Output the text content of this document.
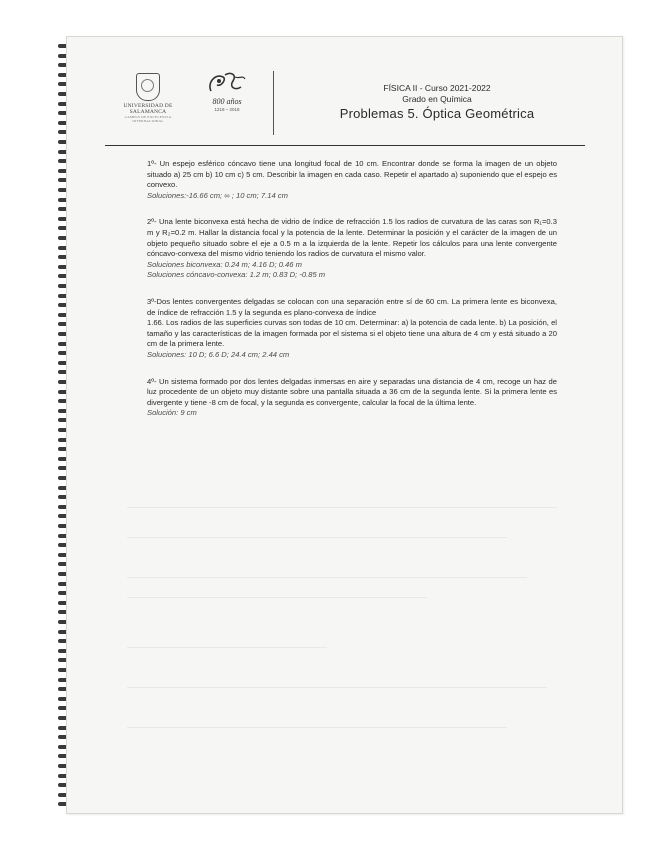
UNIVERSIDAD DE SALAMANCA
CAMPUS DE EXCELENCIA INTERNACIONAL
800 años
1218 – 2018
FÍSICA II - Curso 2021-2022
Grado en Química
Problemas 5. Óptica Geométrica

1º- Un espejo esférico cóncavo tiene una longitud focal de 10 cm. Encontrar donde se forma la imagen de un objeto situado a) 25 cm b) 10 cm c) 5 cm. Describir la imagen en cada caso. Repetir el apartado a) suponiendo que el espejo es convexo.

Soluciones:-16.66 cm; ∞ ; 10 cm; 7.14 cm

2º- Una lente biconvexa está hecha de vidrio de índice de refracción 1.5 los radios de curvatura de las caras son R₁=0.3 m y R₂=0.2 m. Hallar la distancia focal y la potencia de la lente. Determinar la posición y el carácter de la imagen de un objeto pequeño situado sobre el eje a 0.5 m a la izquierda de la lente. Repetir los cálculos para una lente convergente cóncavo-convexa del mismo vidrio teniendo los radios de curvatura el mismo valor.

Soluciones biconvexa: 0.24 m; 4.16 D; 0.46 m

Soluciones cóncavo-convexa: 1.2 m; 0.83 D; -0.85 m

3º-Dos lentes convergentes delgadas se colocan con una separación entre sí de 60 cm. La primera lente es biconvexa, de índice de refracción 1.5 y la segunda es plano-convexa de índice

1.66. Los radios de las superficies curvas son todas de 10 cm. Determinar: a) la potencia de cada lente. b) La posición, el tamaño y las características de la imagen formada por el sistema si el objeto tiene una altura de 4 cm y está situado a 20 cm de la primera lente.

Soluciones: 10 D; 6.6 D; 24.4 cm; 2.44 cm

4º- Un sistema formado por dos lentes delgadas inmersas en aire y separadas una distancia de 4 cm, recoge un haz de luz procedente de un objeto muy distante sobre una pantalla situada a 36 cm de la segunda lente. Si la primera lente es divergente y tiene -8 cm de focal, y la segunda es convergente, calcular la focal de la última lente.

Solución: 9 cm
